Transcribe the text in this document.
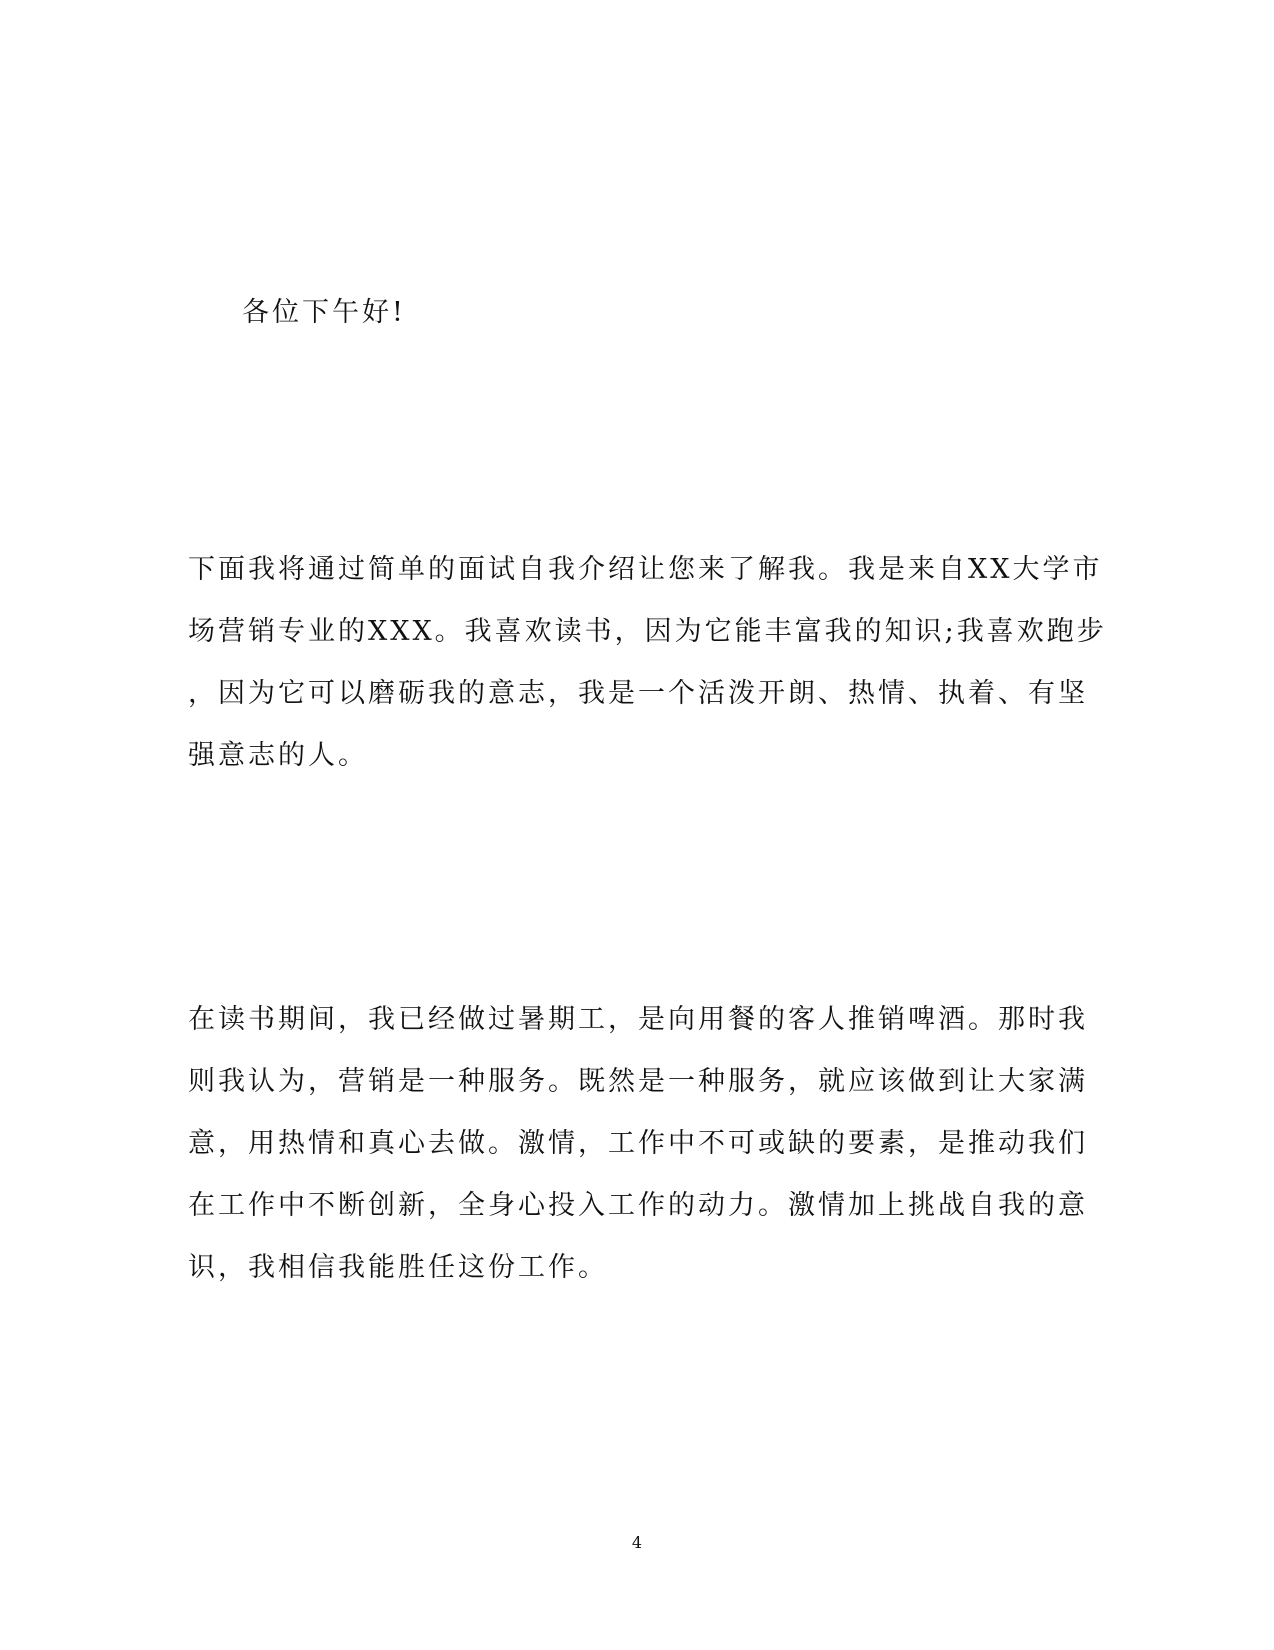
各位下午好!
下面我将通过简单的面试自我介绍让您来了解我。我是来自XX大学市
场营销专业的XXX。我喜欢读书，因为它能丰富我的知识;我喜欢跑步
，因为它可以磨砺我的意志，我是一个活泼开朗、热情、执着、有坚
强意志的人。
在读书期间，我已经做过暑期工，是向用餐的客人推销啤酒。那时我
则我认为，营销是一种服务。既然是一种服务，就应该做到让大家满
意，用热情和真心去做。激情，工作中不可或缺的要素，是推动我们
在工作中不断创新，全身心投入工作的动力。激情加上挑战自我的意
识，我相信我能胜任这份工作。
4
